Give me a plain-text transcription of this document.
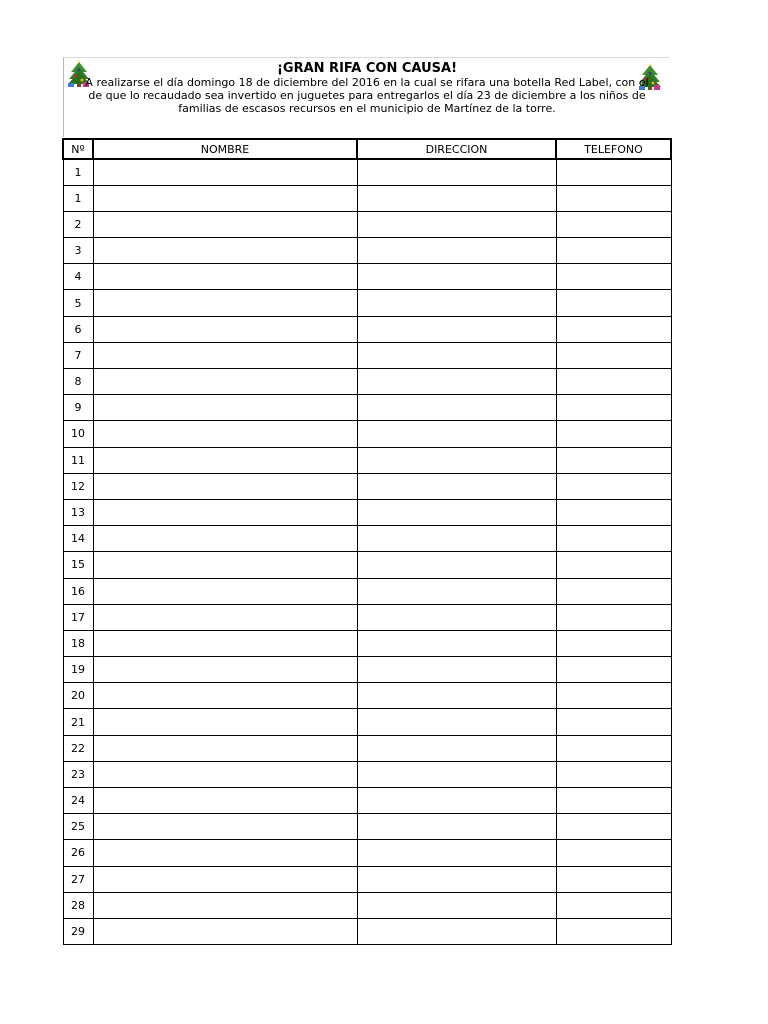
¡GRAN RIFA CON CAUSA!
A realizarse el día domingo 18 de diciembre del 2016 en la cual se rifara una botella Red Label, con el
de que lo recaudado sea invertido en juguetes para entregarlos el día 23 de diciembre a los niños de
familias de escasos recursos en el municipio de Martínez de la torre.
Nº	NOMBRE	DIRECCION	TELEFONO
1			
1			
2			
3			
4			
5			
6			
7			
8			
9			
10			
11			
12			
13			
14			
15			
16			
17			
18			
19			
20			
21			
22			
23			
24			
25			
26			
27			
28			
29			
